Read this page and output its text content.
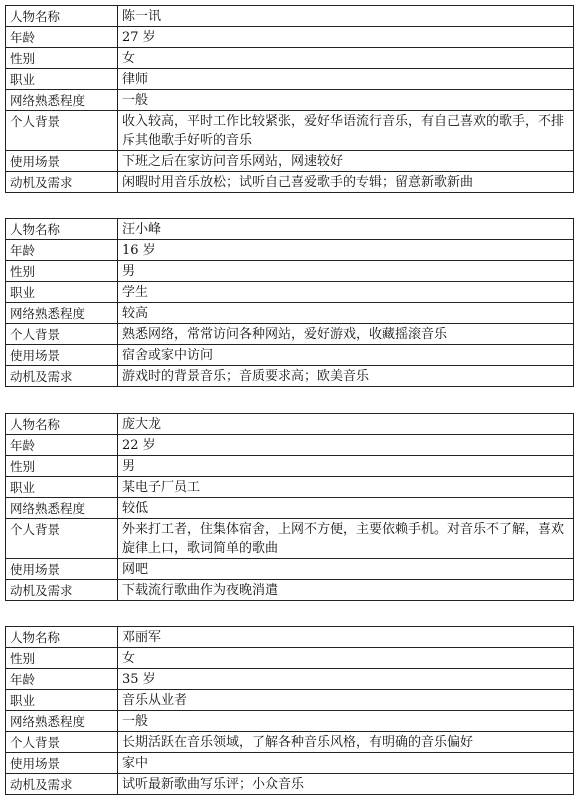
人物名称	陈一讯
年龄	27 岁
性别	女
职业	律师
网络熟悉程度	一般
个人背景	收入较高，平时工作比较紧张，爱好华语流行音乐，有自己喜欢的歌手，不排斥其他歌手好听的音乐
使用场景	下班之后在家访问音乐网站，网速较好
动机及需求	闲暇时用音乐放松；试听自己喜爱歌手的专辑；留意新歌新曲
人物名称	汪小峰
年龄	16 岁
性别	男
职业	学生
网络熟悉程度	较高
个人背景	熟悉网络，常常访问各种网站，爱好游戏，收藏摇滚音乐
使用场景	宿舍或家中访问
动机及需求	游戏时的背景音乐；音质要求高；欧美音乐
人物名称	庞大龙
年龄	22 岁
性别	男
职业	某电子厂员工
网络熟悉程度	较低
个人背景	外来打工者，住集体宿舍，上网不方便，主要依赖手机。对音乐不了解，喜欢旋律上口，歌词简单的歌曲
使用场景	网吧
动机及需求	下载流行歌曲作为夜晚消遣
人物名称	邓丽军
性别	女
年龄	35 岁
职业	音乐从业者
网络熟悉程度	一般
个人背景	长期活跃在音乐领域，了解各种音乐风格，有明确的音乐偏好
使用场景	家中
动机及需求	试听最新歌曲写乐评；小众音乐
